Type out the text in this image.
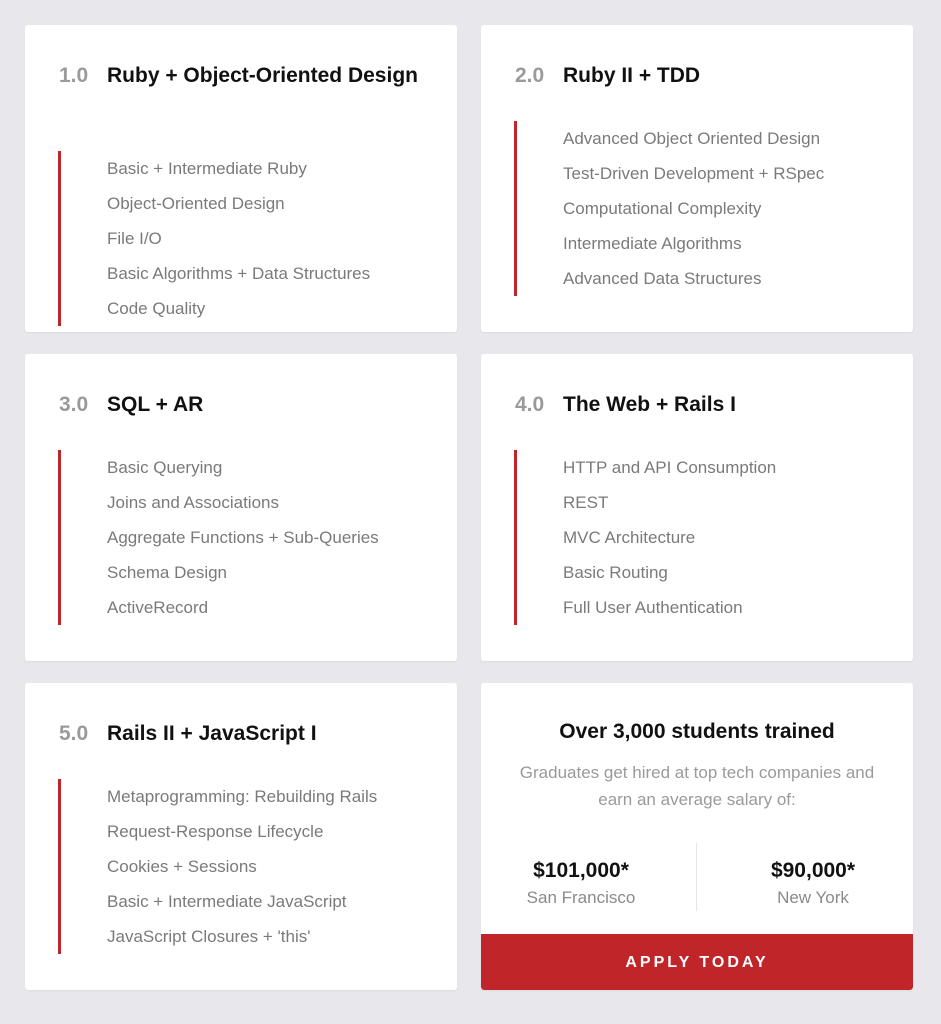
1.0 Ruby + Object-Oriented Design
Basic + Intermediate Ruby
Object-Oriented Design
File I/O
Basic Algorithms + Data Structures
Code Quality
2.0 Ruby II + TDD
Advanced Object Oriented Design
Test-Driven Development + RSpec
Computational Complexity
Intermediate Algorithms
Advanced Data Structures
3.0 SQL + AR
Basic Querying
Joins and Associations
Aggregate Functions + Sub-Queries
Schema Design
ActiveRecord
4.0 The Web + Rails I
HTTP and API Consumption
REST
MVC Architecture
Basic Routing
Full User Authentication
5.0 Rails II + JavaScript I
Metaprogramming: Rebuilding Rails
Request-Response Lifecycle
Cookies + Sessions
Basic + Intermediate JavaScript
JavaScript Closures + 'this'
Over 3,000 students trained
Graduates get hired at top tech companies and earn an average salary of:
$101,000*
San Francisco
$90,000*
New York
APPLY TODAY
